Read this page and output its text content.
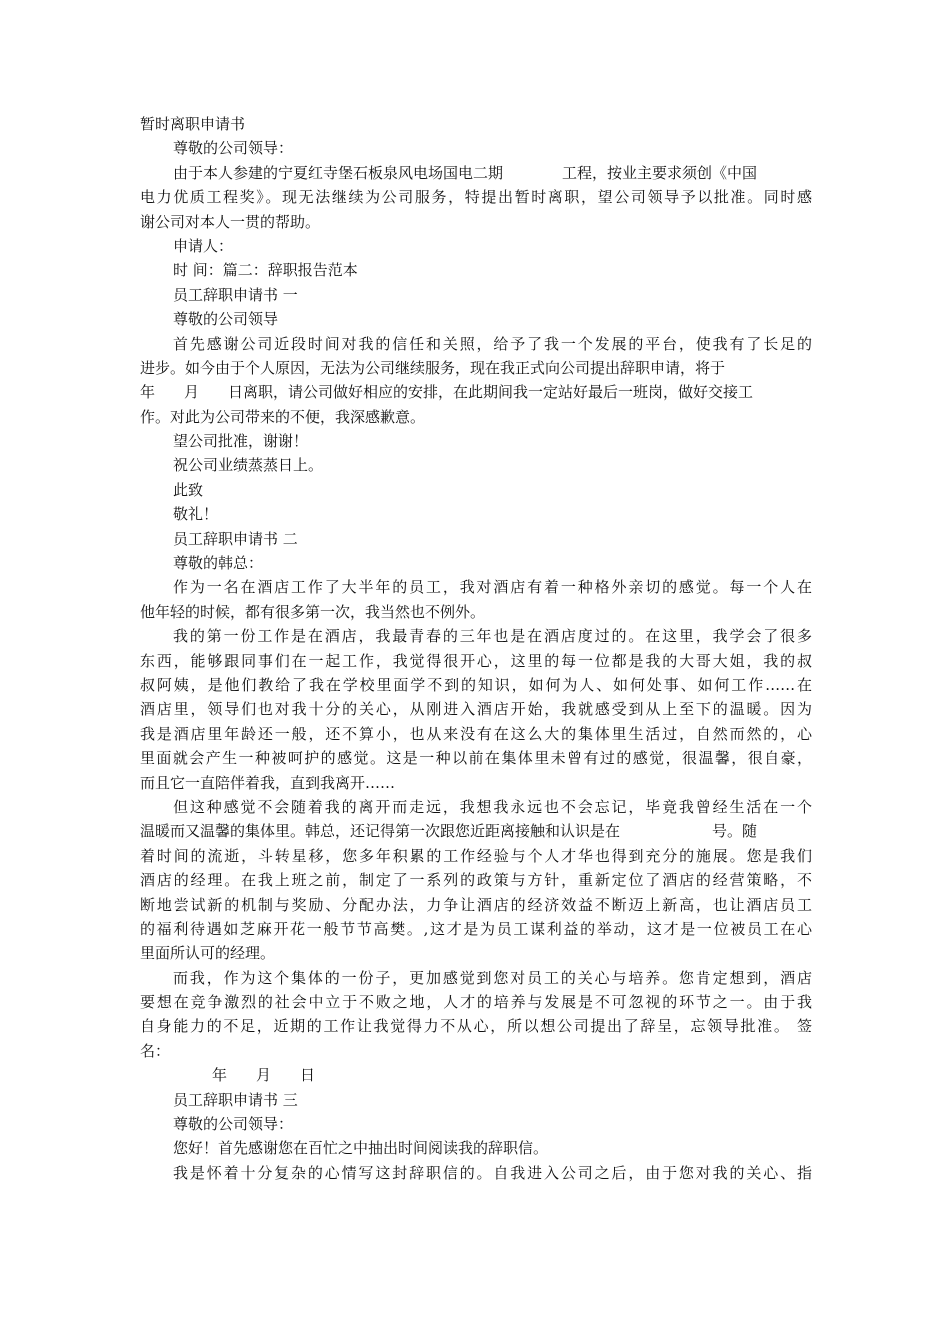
暂时离职申请书
尊敬的公司领导：
由于本人参建的宁夏红寺堡石板泉风电场国电二期	工程，按业主要求须创《中国
电力优质工程奖》。现无法继续为公司服务，特提出暂时离职，望公司领导予以批准。同时感
谢公司对本人一贯的帮助。
申请人：
时 间：篇二：辞职报告范本
员工辞职申请书 一
尊敬的公司领导
首先感谢公司近段时间对我的信任和关照，给予了我一个发展的平台，使我有了长足的
进步。如今由于个人原因，无法为公司继续服务，现在我正式向公司提出辞职申请，将于
年 月 日离职，请公司做好相应的安排，在此期间我一定站好最后一班岗，做好交接工
作。对此为公司带来的不便，我深感歉意。
望公司批准，谢谢！
祝公司业绩蒸蒸日上。
此致
敬礼！
员工辞职申请书 二
尊敬的韩总：
作为一名在酒店工作了大半年的员工，我对酒店有着一种格外亲切的感觉。每一个人在
他年轻的时候，都有很多第一次，我当然也不例外。
我的第一份工作是在酒店，我最青春的三年也是在酒店度过的。在这里，我学会了很多
东西，能够跟同事们在一起工作，我觉得很开心，这里的每一位都是我的大哥大姐，我的叔
叔阿姨，是他们教给了我在学校里面学不到的知识，如何为人、如何处事、如何工作……在
酒店里，领导们也对我十分的关心，从刚进入酒店开始，我就感受到从上至下的温暖。因为
我是酒店里年龄还一般，还不算小，也从来没有在这么大的集体里生活过，自然而然的，心
里面就会产生一种被呵护的感觉。这是一种以前在集体里未曾有过的感觉，很温馨，很自豪，
而且它一直陪伴着我，直到我离开……
但这种感觉不会随着我的离开而走远，我想我永远也不会忘记，毕竟我曾经生活在一个
温暖而又温馨的集体里。韩总，还记得第一次跟您近距离接触和认识是在	号。随
着时间的流逝，斗转星移，您多年积累的工作经验与个人才华也得到充分的施展。您是我们
酒店的经理。在我上班之前，制定了一系列的政策与方针，重新定位了酒店的经营策略，不
断地尝试新的机制与奖励、分配办法，力争让酒店的经济效益不断迈上新高，也让酒店员工
的福利待遇如芝麻开花一般节节高樊。,这才是为员工谋利益的举动，这才是一位被员工在心
里面所认可的经理。
而我，作为这个集体的一份子，更加感觉到您对员工的关心与培养。您肯定想到，酒店
要想在竞争激烈的社会中立于不败之地，人才的培养与发展是不可忽视的环节之一。由于我
自身能力的不足，近期的工作让我觉得力不从心，所以想公司提出了辞呈，忘领导批准。 签
名：
年 月 日
员工辞职申请书 三
尊敬的公司领导：
您好！首先感谢您在百忙之中抽出时间阅读我的辞职信。
我是怀着十分复杂的心情写这封辞职信的。自我进入公司之后，由于您对我的关心、指
